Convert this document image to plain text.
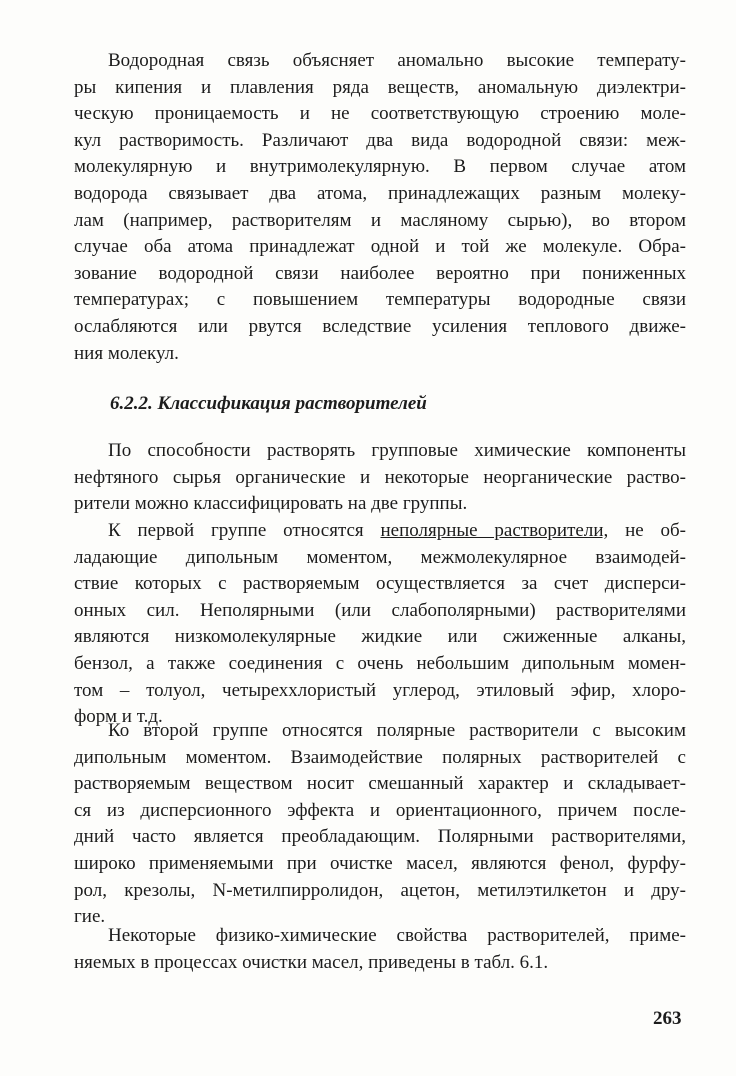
Водородная связь объясняет аномально высокие температу-
ры кипения и плавления ряда веществ, аномальную диэлектри-
ческую проницаемость и не соответствующую строению моле-
кул растворимость. Различают два вида водородной связи: меж-
молекулярную и внутримолекулярную. В первом случае атом
водорода связывает два атома, принадлежащих разным молеку-
лам (например, растворителям и масляному сырью), во втором
случае оба атома принадлежат одной и той же молекуле. Обра-
зование водородной связи наиболее вероятно при пониженных
температурах; с повышением температуры водородные связи
ослабляются или рвутся вследствие усиления теплового движе-
ния молекул.
6.2.2. Классификация растворителей
По способности растворять групповые химические компоненты
нефтяного сырья органические и некоторые неорганические раство-
рители можно классифицировать на две группы.
К первой группе относятся неполярные растворители, не об-
ладающие дипольным моментом, межмолекулярное взаимодей-
ствие которых с растворяемым осуществляется за счет дисперси-
онных сил. Неполярными (или слабополярными) растворителями
являются низкомолекулярные жидкие или сжиженные алканы,
бензол, а также соединения с очень небольшим дипольным момен-
том – толуол, четыреххлористый углерод, этиловый эфир, хлоро-
форм и т.д.
Ко второй группе относятся полярные растворители с высоким
дипольным моментом. Взаимодействие полярных растворителей с
растворяемым веществом носит смешанный характер и складывает-
ся из дисперсионного эффекта и ориентационного, причем после-
дний часто является преобладающим. Полярными растворителями,
широко применяемыми при очистке масел, являются фенол, фурфу-
рол, крезолы, N-метилпирролидон, ацетон, метилэтилкетон и дру-
гие.
Некоторые физико-химические свойства растворителей, приме-
няемых в процессах очистки масел, приведены в табл. 6.1.
263
